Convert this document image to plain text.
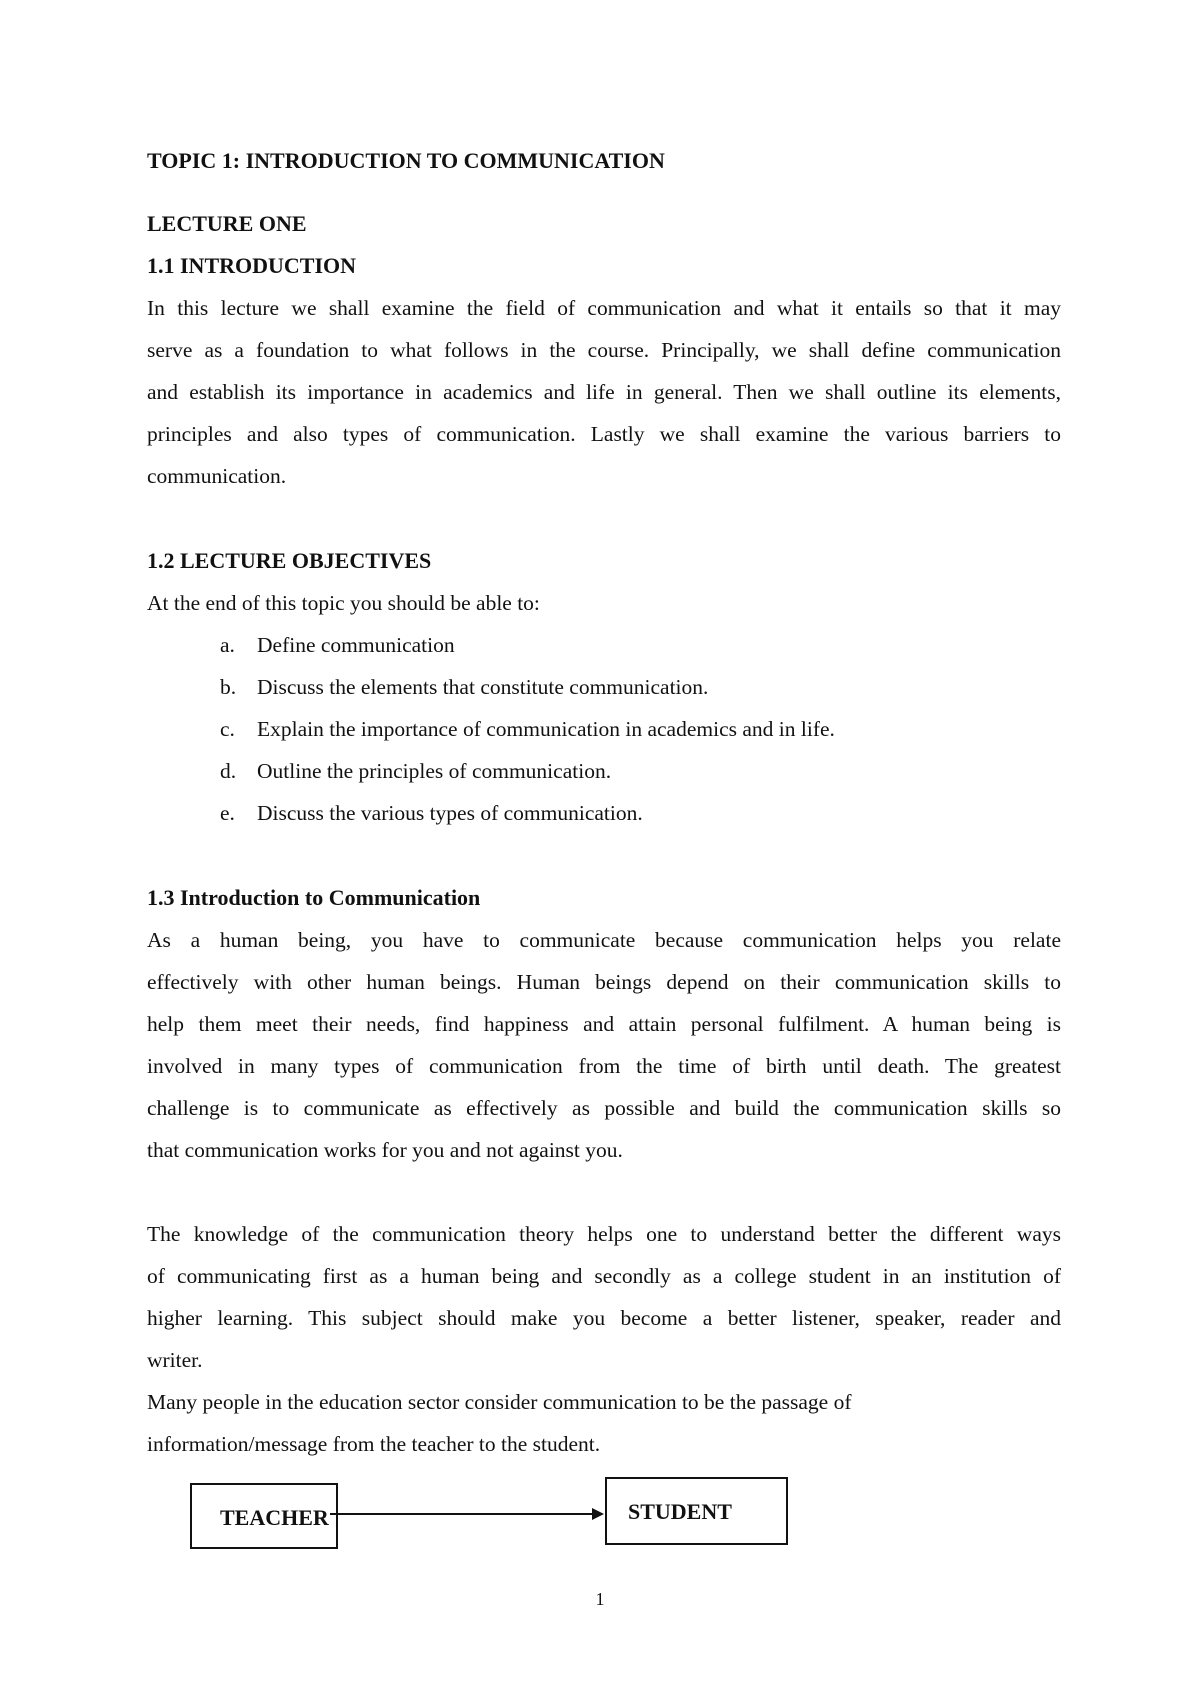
TOPIC 1: INTRODUCTION TO COMMUNICATION
LECTURE ONE
1.1 INTRODUCTION
In this lecture we shall examine the field of communication and what it entails so that it may
serve as a foundation to what follows in the course. Principally, we shall define communication
and establish its importance in academics and life in general. Then we shall outline its elements,
principles and also types of communication. Lastly we shall examine the various barriers to
communication.
1.2 LECTURE OBJECTIVES
At the end of this topic you should be able to:
a. Define communication
b. Discuss the elements that constitute communication.
c. Explain the importance of communication in academics and in life.
d. Outline the principles of communication.
e. Discuss the various types of communication.
1.3 Introduction to Communication
As a human being, you have to communicate because communication helps you relate
effectively with other human beings. Human beings depend on their communication skills to
help them meet their needs, find happiness and attain personal fulfilment. A human being is
involved in many types of communication from the time of birth until death. The greatest
challenge is to communicate as effectively as possible and build the communication skills so
that communication works for you and not against you.
The knowledge of the communication theory helps one to understand better the different ways
of communicating first as a human being and secondly as a college student in an institution of
higher learning. This subject should make you become a better listener, speaker, reader and
writer.
Many people in the education sector consider communication to be the passage of
information/message from the teacher to the student.
TEACHER	STUDENT
1
